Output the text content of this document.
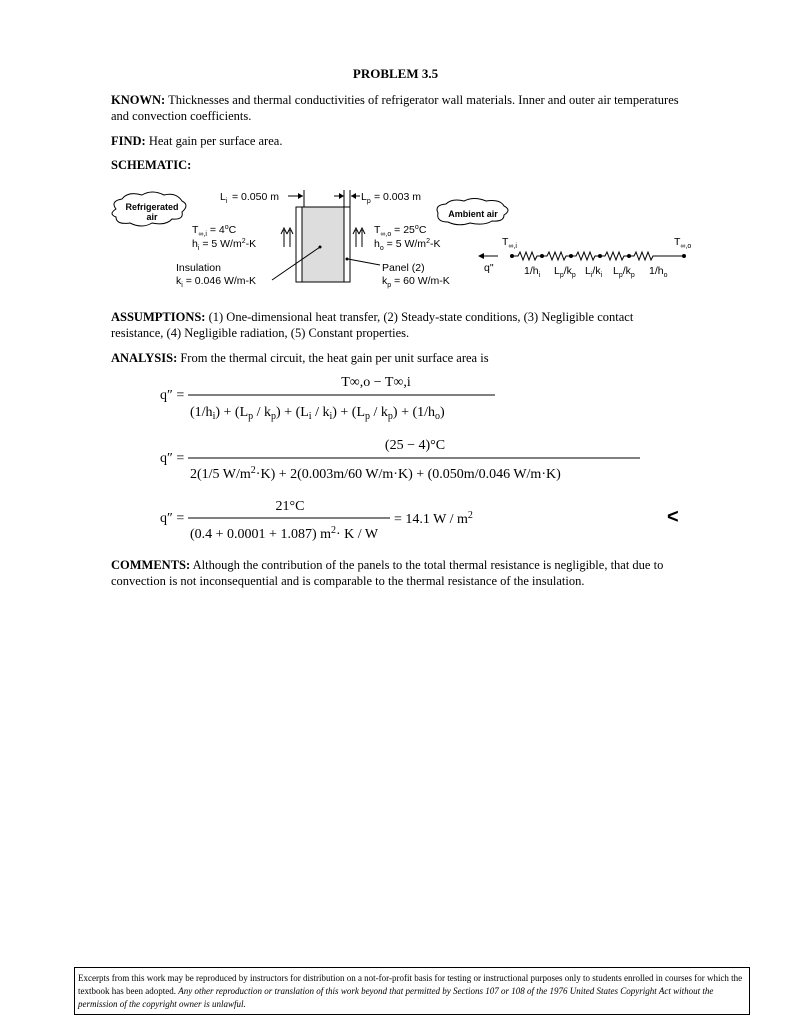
PROBLEM 3.5
KNOWN: Thicknesses and thermal conductivities of refrigerator wall materials. Inner and outer air temperatures and convection coefficients.
FIND: Heat gain per surface area.
SCHEMATIC:
Refrigerated
air	Ambient air
$L_i = 0.050$ m	$L_p = 0.003$ m
$T_{\infty,i} = 4^oC$
$h_i = 5$ $W/m^2-K$
$T_{\infty,o} = 25^oC$
$h_o = 5$ $W/m^2-K$
Insulation
$k_i = 0.046$ W/m-K
Panel (2)
$k_p = 60$ W/m-K
$T_{\infty,i}$	$T_{\infty,o}$
q"	$1/h_i$ $L_p/k_p$ $L_i/k_i$ $L_p/k_p$ $1/h_o$
ASSUMPTIONS: (1) One-dimensional heat transfer, (2) Steady-state conditions, (3) Negligible contact resistance, (4) Negligible radiation, (5) Constant properties.
ANALYSIS: From the thermal circuit, the heat gain per unit surface area is
q″ =
T∞,o − T∞,i
$(1/h_i) + (L_p / k_p) + (L_i / k_i) + (L_p / k_p) + (1/h_o)$
q″ =
(25 − 4)°C
2(1/5 $W/m^2\cdot K) + 2(0.003m/60$ W/m·K) + (0.050m/0.046 W/m·K)
q″ =
21°C
(0.4 + 0.0001 + 1.087) $m^2\cdot K / W$
= 14.1 W / $m^2$	<
COMMENTS: Although the contribution of the panels to the total thermal resistance is negligible, that due to convection is not inconsequential and is comparable to the thermal resistance of the insulation.
Excerpts from this work may be reproduced by instructors for distribution on a not-for-profit basis for testing or instructional purposes only to students enrolled in courses for which the textbook has been adopted. Any other reproduction or translation of this work beyond that permitted by Sections 107 or 108 of the 1976 United States Copyright Act without the permission of the copyright owner is unlawful.
